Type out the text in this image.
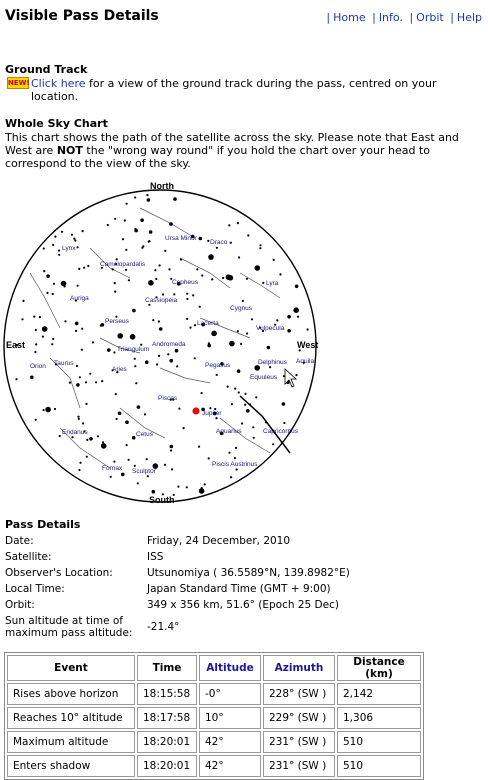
Visible Pass Details	| Home | Info. | Orbit | Help
Ground Track
NEW! Click here for a view of the ground track during the pass, centred on your location.
Whole Sky Chart
This chart shows the path of the satellite across the sky. Please note that East and West are NOT the "wrong way round" if you hold the chart over your head to correspond to the view of the sky.
Lynx
Camelopardalis
Ursa Minor
Draco
Auriga
Cepheus	Lyra
Cassiopeia
Perseus
Cygnus
Lacerta
Vulpecula
Triangulum
Andromeda
Delphinus Aquila
Taurus
Orion	Aries
Pegasus
Equuleus
Pisces
Jupiter
Capricornus
Eridanus	Cetus	Aquarius
Fornax Sculptor
Piscis Austrinus
North
South
East	West
Pass Details
Date:	Friday, 24 December, 2010
Satellite:	ISS
Observer's Location:	Utsunomiya ( 36.5589°N, 139.8982°E)
Local Time:	Japan Standard Time (GMT + 9:00)
Orbit:	349 x 356 km, 51.6° (Epoch 25 Dec)
Sun altitude at time of
maximum pass altitude:	-21.4°
Event	Time	Altitude	Azimuth	Distance (km)
Rises above horizon	18:15:58	-0°	228° (SW )	2,142
Reaches 10° altitude	18:17:58	10°	229° (SW )	1,306
Maximum altitude	18:20:01	42°	231° (SW )	510
Enters shadow	18:20:01	42°	231° (SW )	510
